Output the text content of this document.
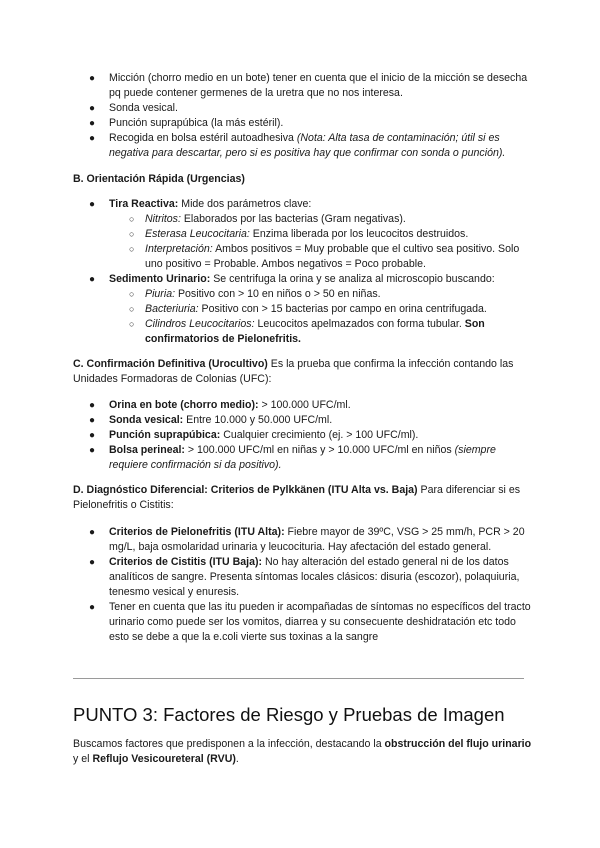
● Micción (chorro medio en un bote) tener en cuenta que el inicio de la micción se desecha pq puede contener germenes de la uretra que no nos interesa.
● Sonda vesical.
● Punción suprapúbica (la más estéril).
● Recogida en bolsa estéril autoadhesiva (Nota: Alta tasa de contaminación; útil si es negativa para descartar, pero si es positiva hay que confirmar con sonda o punción).
B. Orientación Rápida (Urgencias)
● Tira Reactiva: Mide dos parámetros clave:
○ Nitritos: Elaborados por las bacterias (Gram negativas).
○ Esterasa Leucocitaria: Enzima liberada por los leucocitos destruidos.
○ Interpretación: Ambos positivos = Muy probable que el cultivo sea positivo. Solo uno positivo = Probable. Ambos negativos = Poco probable.
● Sedimento Urinario: Se centrifuga la orina y se analiza al microscopio buscando:
○ Piuria: Positivo con > 10 en niños o > 50 en niñas.
○ Bacteriuria: Positivo con > 15 bacterias por campo en orina centrifugada.
○ Cilindros Leucocitarios: Leucocitos apelmazados con forma tubular. Son confirmatorios de Pielonefritis.
C. Confirmación Definitiva (Urocultivo) Es la prueba que confirma la infección contando las Unidades Formadoras de Colonias (UFC):
● Orina en bote (chorro medio): > 100.000 UFC/ml.
● Sonda vesical: Entre 10.000 y 50.000 UFC/ml.
● Punción suprapúbica: Cualquier crecimiento (ej. > 100 UFC/ml).
● Bolsa perineal: > 100.000 UFC/ml en niñas y > 10.000 UFC/ml en niños (siempre requiere confirmación si da positivo).
D. Diagnóstico Diferencial: Criterios de Pylkkänen (ITU Alta vs. Baja) Para diferenciar si es Pielonefritis o Cistitis:
● Criterios de Pielonefritis (ITU Alta): Fiebre mayor de 39ºC, VSG > 25 mm/h, PCR > 20 mg/L, baja osmolaridad urinaria y leucocituria. Hay afectación del estado general.
● Criterios de Cistitis (ITU Baja): No hay alteración del estado general ni de los datos analíticos de sangre. Presenta síntomas locales clásicos: disuria (escozor), polaquiuria, tenesmo vesical y enuresis.
● Tener en cuenta que las itu pueden ir acompañadas de síntomas no específicos del tracto urinario como puede ser los vomitos, diarrea y su consecuente deshidratación etc todo esto se debe a que la e.coli vierte sus toxinas a la sangre
PUNTO 3: Factores de Riesgo y Pruebas de Imagen
Buscamos factores que predisponen a la infección, destacando la obstrucción del flujo urinario y el Reflujo Vesicoureteral (RVU).
